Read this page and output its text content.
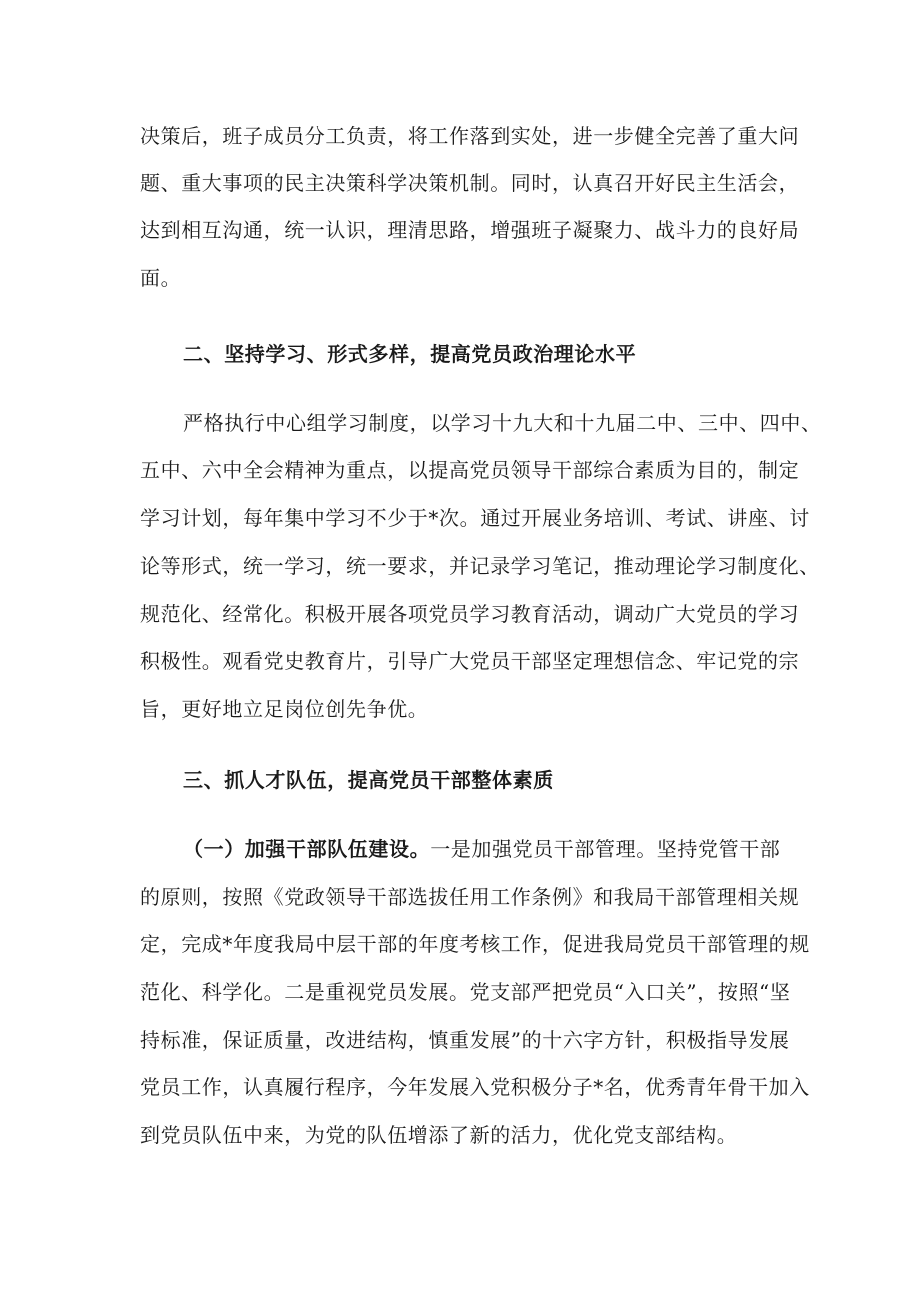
决策后，班子成员分工负责，将工作落到实处，进一步健全完善了重大问
题、重大事项的民主决策科学决策机制。同时，认真召开好民主生活会，
达到相互沟通，统一认识，理清思路，增强班子凝聚力、战斗力的良好局
面。
二、坚持学习、形式多样，提高党员政治理论水平
严格执行中心组学习制度，以学习十九大和十九届二中、三中、四中、
五中、六中全会精神为重点，以提高党员领导干部综合素质为目的，制定
学习计划，每年集中学习不少于*次。通过开展业务培训、考试、讲座、讨
论等形式，统一学习，统一要求，并记录学习笔记，推动理论学习制度化、
规范化、经常化。积极开展各项党员学习教育活动，调动广大党员的学习
积极性。观看党史教育片，引导广大党员干部坚定理想信念、牢记党的宗
旨，更好地立足岗位创先争优。
三、抓人才队伍，提高党员干部整体素质
（一）加强干部队伍建设。一是加强党员干部管理。坚持党管干部
的原则，按照《党政领导干部选拔任用工作条例》和我局干部管理相关规
定，完成*年度我局中层干部的年度考核工作，促进我局党员干部管理的规
范化、科学化。二是重视党员发展。党支部严把党员“入口关”，按照“坚
持标准，保证质量，改进结构，慎重发展”的十六字方针，积极指导发展
党员工作，认真履行程序，今年发展入党积极分子*名，优秀青年骨干加入
到党员队伍中来，为党的队伍增添了新的活力，优化党支部结构。
